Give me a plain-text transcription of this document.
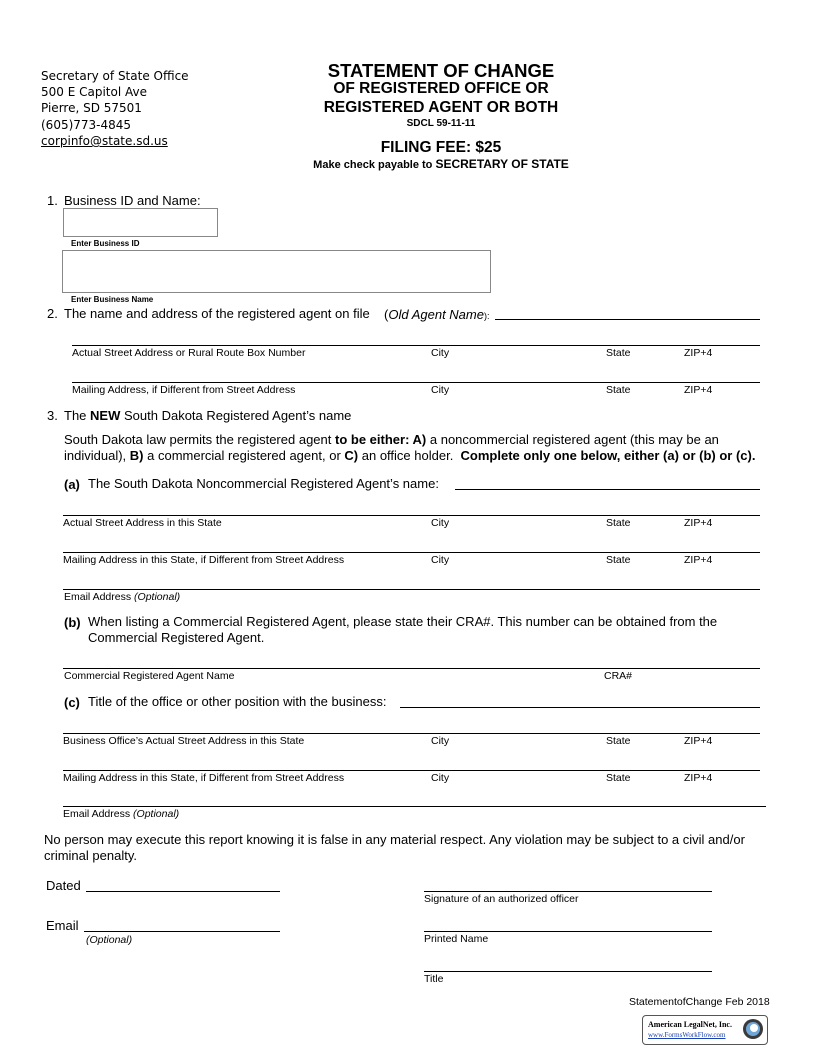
Secretary of State Office
500 E Capitol Ave
Pierre, SD 57501
(605)773-4845
corpinfo@state.sd.us
STATEMENT OF CHANGE
OF REGISTERED OFFICE OR
REGISTERED AGENT OR BOTH
SDCL 59-11-11
FILING FEE: $25
Make check payable to SECRETARY OF STATE
1. Business ID and Name:
Enter Business ID
Enter Business Name
2. The name and address of the registered agent on file (Old Agent Name):
Actual Street Address or Rural Route Box Number	City	State	ZIP+4
Mailing Address, if Different from Street Address	City	State	ZIP+4
3. The NEW South Dakota Registered Agent’s name
South Dakota law permits the registered agent to be either: A) a noncommercial registered agent (this may be an individual), B) a commercial registered agent, or C) an office holder. Complete only one below, either (a) or (b) or (c).
(a) The South Dakota Noncommercial Registered Agent’s name:
Actual Street Address in this State	City	State	ZIP+4
Mailing Address in this State, if Different from Street Address	City	State	ZIP+4
Email Address (Optional)
(b) When listing a Commercial Registered Agent, please state their CRA#. This number can be obtained from the Commercial Registered Agent.
Commercial Registered Agent Name	CRA#
(c) Title of the office or other position with the business:
Business Office’s Actual Street Address in this State	City	State	ZIP+4
Mailing Address in this State, if Different from Street Address	City	State	ZIP+4
Email Address (Optional)
No person may execute this report knowing it is false in any material respect. Any violation may be subject to a civil and/or criminal penalty.
Dated
Signature of an authorized officer
Email
(Optional)	Printed Name
Title
StatementofChange Feb 2018
American LegalNet, Inc.
www.FormsWorkFlow.com
